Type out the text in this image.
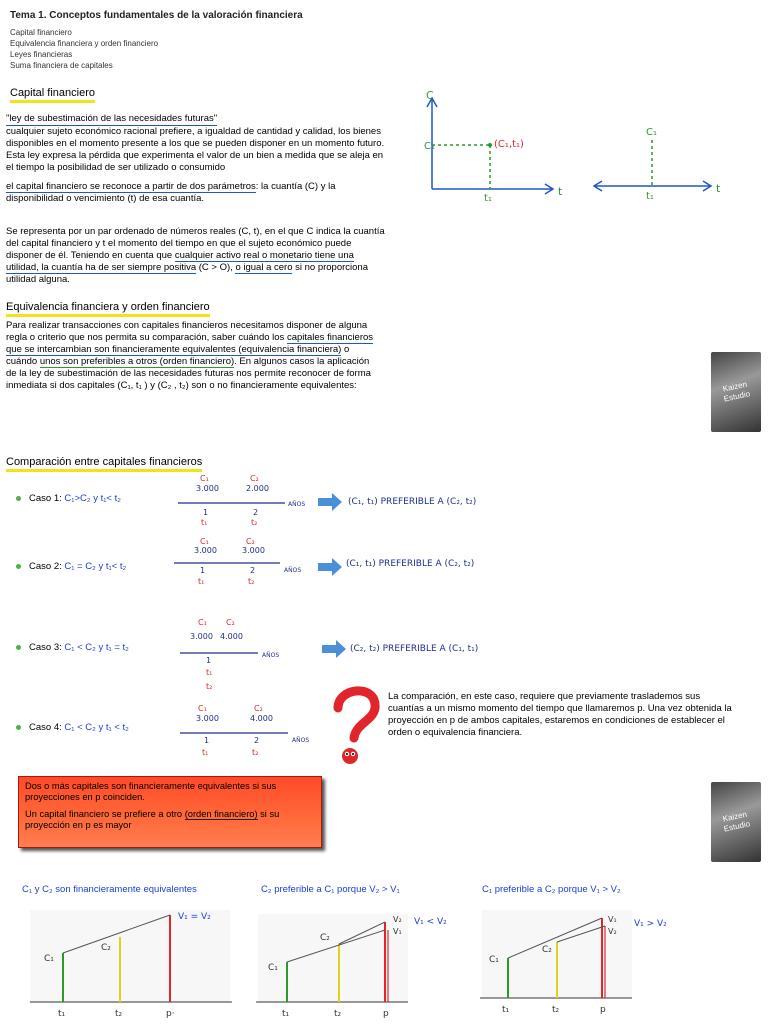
Tema 1. Conceptos fundamentales de la valoración financiera
Capital financiero
Equivalencia financiera y orden financiero
Leyes financieras
Suma financiera de capitales
Capital financiero
"ley de subestimación de las necesidades futuras"
cualquier sujeto económico racional prefiere, a igualdad de cantidad y calidad, los bienes disponibles en el momento presente a los que se pueden disponer en un momento futuro. Esta ley expresa la pérdida que experimenta el valor de un bien a medida que se aleja en el tiempo la posibilidad de ser utilizado o consumido
el capital financiero se reconoce a partir de dos parámetros: la cuantía (C) y la disponibilidad o vencimiento (t) de esa cuantía.
Se representa por un par ordenado de números reales (C, t), en el que C indica la cuantía del capital financiero y t el momento del tiempo en que el sujeto económico puede disponer de él. Teniendo en cuenta que cualquier activo real o monetario tiene una utilidad, la cuantía ha de ser siempre positiva (C > O), o igual a cero si no proporciona utilidad alguna.
Equivalencia financiera y orden financiero
Para realizar transacciones con capitales financieros necesitamos disponer de alguna regla o criterio que nos permita su comparación, saber cuándo los capitales financieros que se intercambian son financieramente equivalentes (equivalencia financiera) o cuándo unos son preferibles a otros (orden financiero). En algunos casos la aplicación de la ley de subestimación de las necesidades futuras nos permite reconocer de forma inmediata si dos capitales (C₁, t₁ ) y (C₂ , t₂) son o no financieramente equivalentes:
C
C₁	(C₁,t₁)
t₁
t
C₁
t₁
t
Kaizen Estudio
Comparación entre capitales financieros
Caso 1: C₁>C₂ y t₁< t₂
Caso 2: C₁ = C₂ y t₁< t₂
Caso 3: C₁ < C₂ y t₁ = t₂
Caso 4: C₁ < C₂ y t₁ < t₂
C₁	C₂
3.000	2.000
AÑOS
1	2
t₁	t₂
(C₁, t₁) PREFERIBLE A (C₂, t₂)
C₁	C₂
3.000	3.000
AÑOS
1	2
t₁	t₂
(C₁, t₁) PREFERIBLE A (C₂, t₂)
C₁ C₂
3.000 4.000
AÑOS
1
t₁
t₂
(C₂, t₂) PREFERIBLE A (C₁, t₁)
C₁	C₂
3.000	4.000
AÑOS
1	2
t₁	t₂
La comparación, en este caso, requiere que previamente traslademos sus cuantías a un mismo momento del tiempo que llamaremos p. Una vez obtenida la proyección en p de ambos capitales, estaremos en condiciones de establecer el orden o equivalencia financiera.

Dos o más capitales son financieramente equivalentes si sus proyecciones en p coinciden.

Un capital financiero se prefiere a otro (orden financiero) si su proyección en p es mayor

Kaizen Estudio
C₁ y C₂ son financieramente equivalentes	C₂ preferible a C₁ porque V₂ > V₁	C₁ preferible a C₂ porque V₁ > V₂
C₁
C₂
V₁ = V₂
t₁	t₂	p·
C₁
C₂
V₂
V₁
V₁ < V₂
t₁	t₂	p
C₁
C₂
V₁
V₂
V₁ > V₂
t₁	t₂	p
